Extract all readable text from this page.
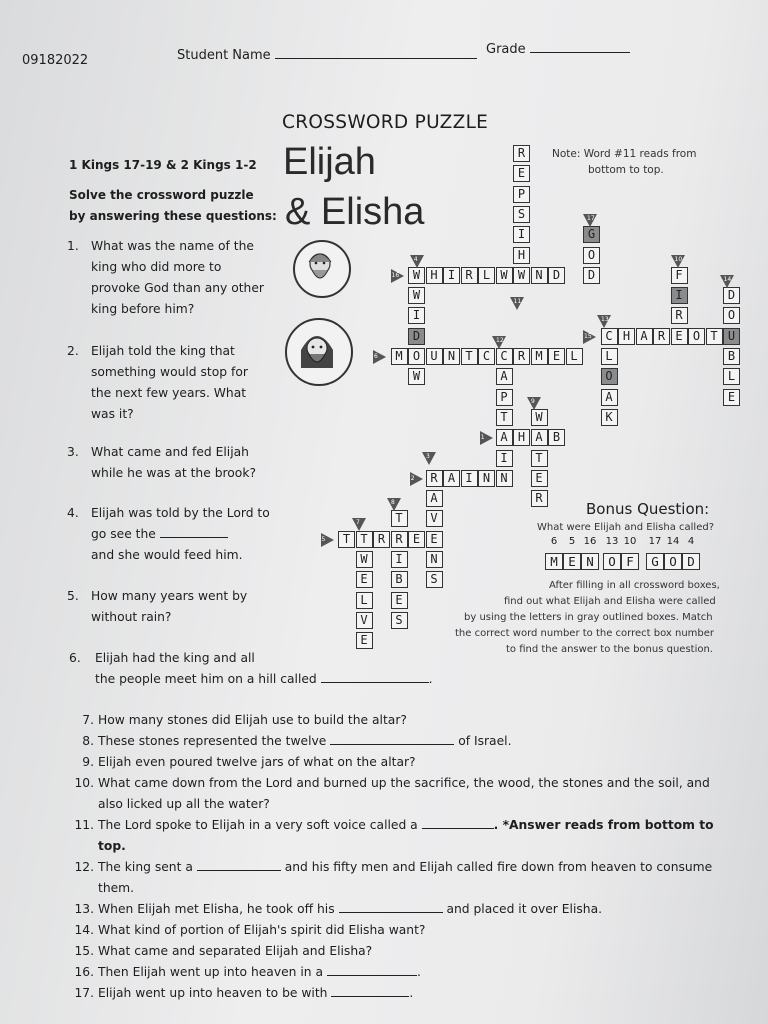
09182022	Student Name	Grade
CROSSWORD PUZZLE
Elijah
& Elisha
1 Kings 17-19 & 2 Kings 1-2
Solve the crossword puzzle
by answering these questions:
1. What was the name of the king who did more to provoke God than any other king before him?
2. Elijah told the king that something would stop for the next few years. What was it?
3. What came and fed Elijah while he was at the brook?
4. Elijah was told by the Lord to go see the
and she would feed him.
5. How many years went by without rain?
6. Elijah had the king and all
the people meet him on a hill called	.
Note: Word #11 reads from
bottom to top.
W H I R L W W N D
M O U N T C C R M E L
C H A R E O T
R
E
P
S
I
H
G
O
D	F
I
R
D
O
U
B
L
E
W
I
D
W	A
P
T
A
I
N
L
O
A
K
H A B
W
T
E
R
R A I N
A
V
E
N
S
T T R R E
T
I
B
E
S
W
E
L
V
E
1
2
3
4
5
6
7
8
9
10
11
12
13
14
15
16
17
Bonus Question:
What were Elijah and Elisha called?
6
M
5
E
16
N
13
O
10
F
17
G
14
O
4
D
After filling in all crossword boxes,
find out what Elijah and Elisha were called
by using the letters in gray outlined boxes. Match
the correct word number to the correct box number
to find the answer to the bonus question.
7. How many stones did Elijah use to build the altar?
8. These stones represented the twelve	of Israel.
9. Elijah even poured twelve jars of what on the altar?
10. What came down from the Lord and burned up the sacrifice, the wood, the stones and the soil, and
also licked up all the water?
11. The Lord spoke to Elijah in a very soft voice called a	. *Answer reads from bottom to
top.
12. The king sent a	and his fifty men and Elijah called fire down from heaven to consume
them.
13. When Elijah met Elisha, he took off his	and placed it over Elisha.
14. What kind of portion of Elijah's spirit did Elisha want?
15. What came and separated Elijah and Elisha?
16. Then Elijah went up into heaven in a	.
17. Elijah went up into heaven to be with	.
